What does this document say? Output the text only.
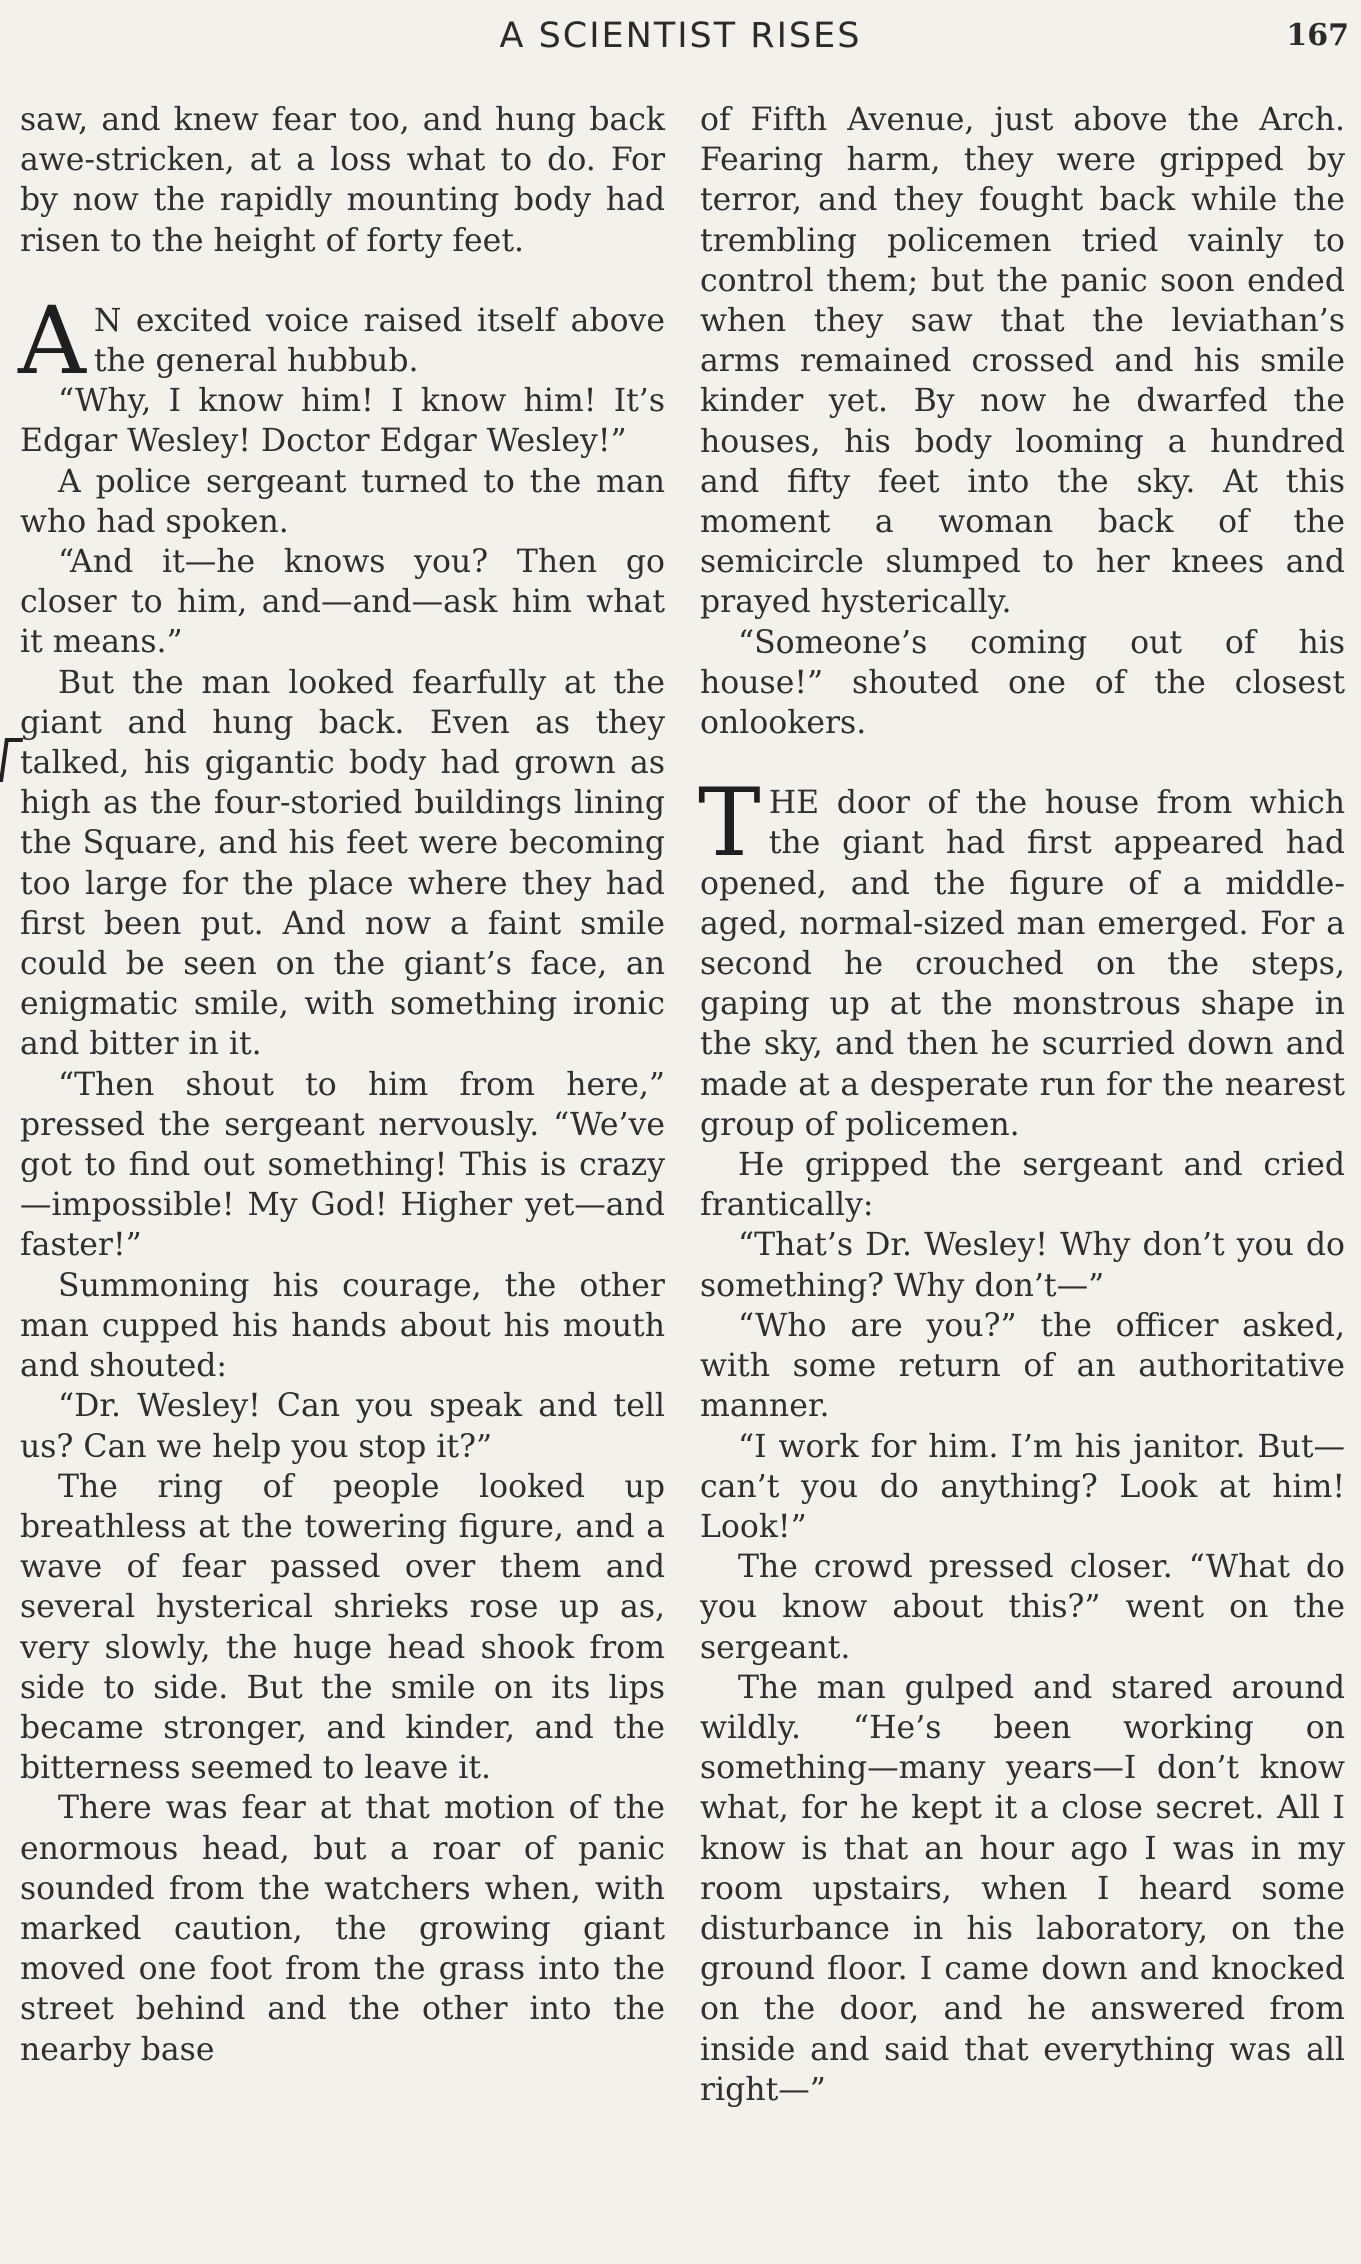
A SCIENTIST RISES	167

saw, and knew fear too, and hung back awe-stricken, at a loss what to do. For by now the rapidly mounting body had risen to the height of forty feet.

A N excited voice raised itself above the general hubbub.

“Why, I know him! I know him! It’s Edgar Wesley! Doctor Edgar Wesley!”

A police sergeant turned to the man who had spoken.

“And it—he knows you? Then go closer to him, and—and—ask him what it means.”

But the man looked fearfully at the giant and hung back. Even as they talked, his gigantic body had grown as high as the four-storied buildings lining the Square, and his feet were becoming too large for the place where they had first been put. And now a faint smile could be seen on the giant’s face, an enigmatic smile, with something ironic and bitter in it.

“Then shout to him from here,” pressed the sergeant nervously. “We’ve got to find out something! This is crazy—impossible! My God! Higher yet—and faster!”

Summoning his courage, the other man cupped his hands about his mouth and shouted:

“Dr. Wesley! Can you speak and tell us? Can we help you stop it?”

The ring of people looked up breathless at the towering figure, and a wave of fear passed over them and several hysterical shrieks rose up as, very slowly, the huge head shook from side to side. But the smile on its lips became stronger, and kinder, and the bitterness seemed to leave it.

There was fear at that motion of the enormous head, but a roar of panic sounded from the watchers when, with marked caution, the growing giant moved one foot from the grass into the street behind and the other into the nearby base

of Fifth Avenue, just above the Arch. Fearing harm, they were gripped by terror, and they fought back while the trembling policemen tried vainly to control them; but the panic soon ended when they saw that the leviathan’s arms remained crossed and his smile kinder yet. By now he dwarfed the houses, his body looming a hundred and fifty feet into the sky. At this moment a woman back of the semicircle slumped to her knees and prayed hysterically.

“Someone’s coming out of his house!” shouted one of the closest onlookers.

THE door of the house from which the giant had first appeared had opened, and the figure of a middle-aged, normal-sized man emerged. For a second he crouched on the steps, gaping up at the monstrous shape in the sky, and then he scurried down and made at a desperate run for the nearest group of policemen.

He gripped the sergeant and cried frantically:

“That’s Dr. Wesley! Why don’t you do something? Why don’t—”

“Who are you?” the officer asked, with some return of an authoritative manner.

“I work for him. I’m his janitor. But—can’t you do anything? Look at him! Look!”

The crowd pressed closer. “What do you know about this?” went on the sergeant.

The man gulped and stared around wildly. “He’s been working on something—many years—I don’t know what, for he kept it a close secret. All I know is that an hour ago I was in my room upstairs, when I heard some disturbance in his laboratory, on the ground floor. I came down and knocked on the door, and he answered from inside and said that everything was all right—”
